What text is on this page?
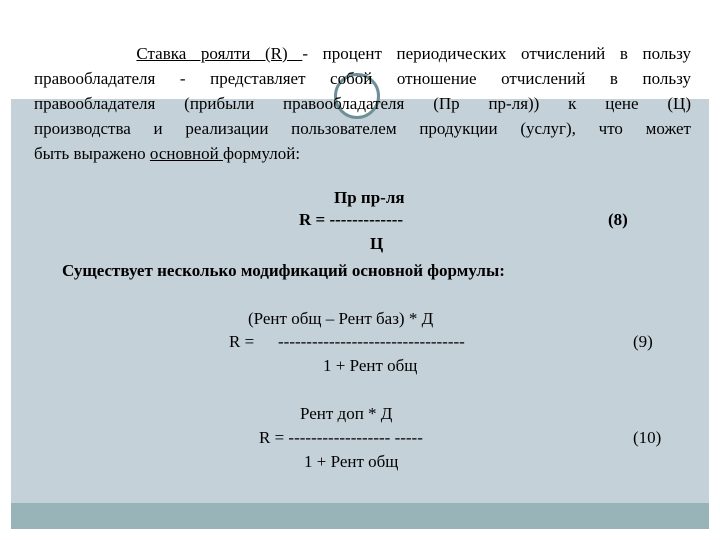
Ставка роялти (R) - процент периодических отчислений в пользу
правообладателя - представляет собой отношение отчислений в пользу
правообладателя (прибыли правообладателя (Пр пр-ля)) к цене (Ц)
производства и реализации пользователем продукции (услуг), что может
быть выражено основной формулой:
Пр пр-ля
R = -------------	(8)
Ц
Существует несколько модификаций основной формулы:
(Рент общ – Рент баз) * Д
R = ---------------------------------	(9)
1 + Рент общ
Рент доп * Д
R = ------------------ -----	(10)
1 + Рент общ
